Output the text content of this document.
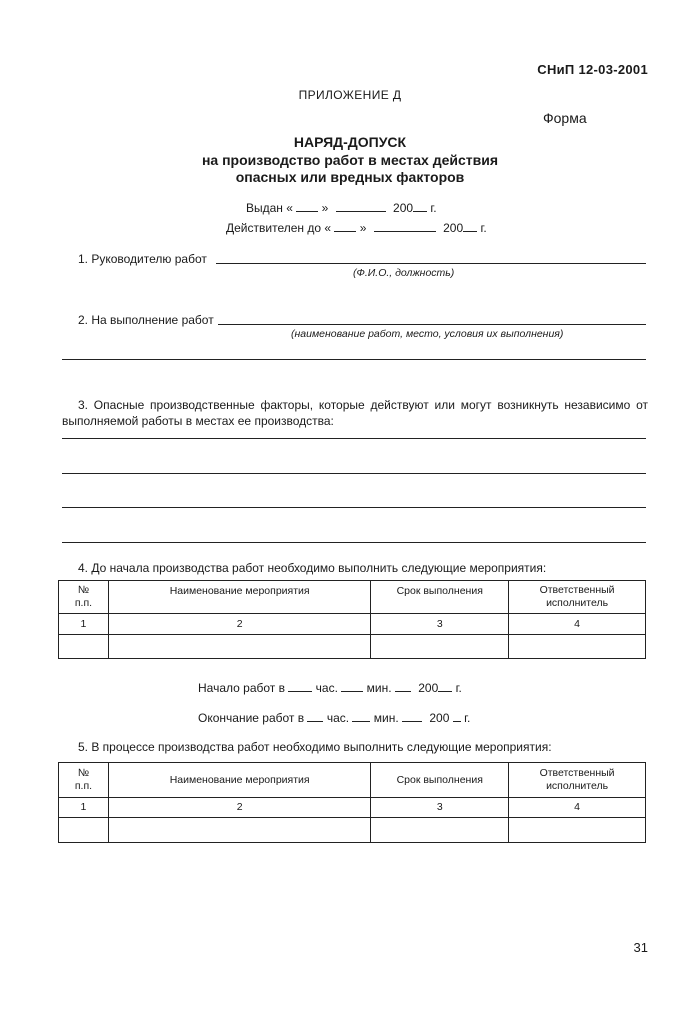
СНиП 12-03-2001
ПРИЛОЖЕНИЕ Д
Форма
НАРЯД-ДОПУСК
на производство работ в местах действия опасных или вредных факторов
Выдан « »	200 г.
Действителен до « »	200 г.
1. Руководителю работ
(Ф.И.О., должность)
2. На выполнение работ
(наименование работ, место, условия их выполнения)
3. Опасные производственные факторы, которые действуют или могут возникнуть независимо от выполняемой работы в местах ее производства:
4. До начала производства работ необходимо выполнить следующие мероприятия:
№ п.п.	Наименование мероприятия	Срок выполнения	Ответственный исполнитель

1	2	3	4

Начало работ в	час. мин. 200 г.
Окончание работ в час. мин.	200 г.
5. В процессе производства работ необходимо выполнить следующие мероприятия:
№ п.п.	Наименование мероприятия	Срок выполнения	Ответственный исполнитель

1	2	3	4

31
